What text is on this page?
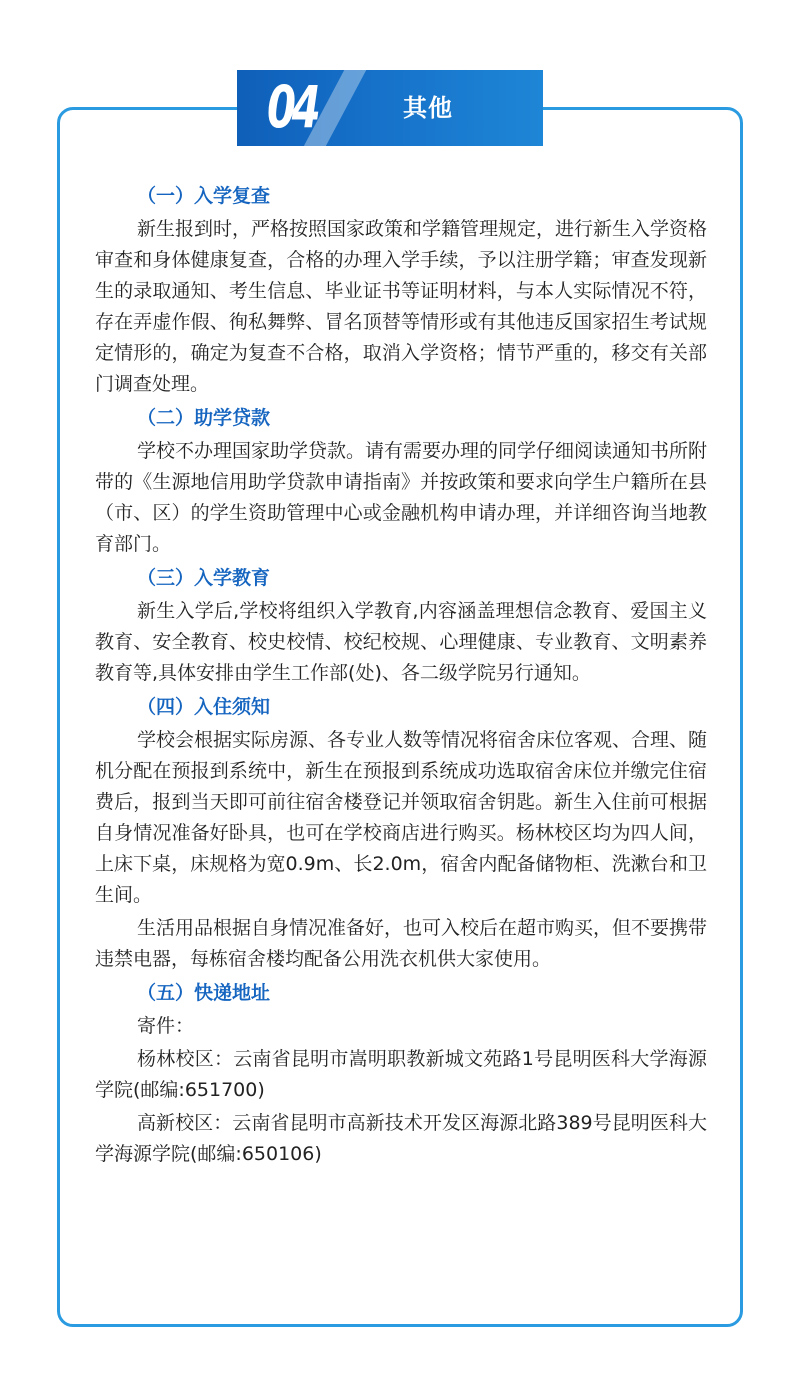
04	其他
（一）入学复查

新生报到时，严格按照国家政策和学籍管理规定，进行新生入学资格审查和身体健康复查，合格的办理入学手续，予以注册学籍；审查发现新生的录取通知、考生信息、毕业证书等证明材料，与本人实际情况不符，存在弄虚作假、徇私舞弊、冒名顶替等情形或有其他违反国家招生考试规定情形的，确定为复查不合格，取消入学资格；情节严重的，移交有关部门调查处理。

（二）助学贷款

学校不办理国家助学贷款。请有需要办理的同学仔细阅读通知书所附带的《生源地信用助学贷款申请指南》并按政策和要求向学生户籍所在县（市、区）的学生资助管理中心或金融机构申请办理，并详细咨询当地教育部门。

（三）入学教育

新生入学后,学校将组织入学教育,内容涵盖理想信念教育、爱国主义教育、安全教育、校史校情、校纪校规、心理健康、专业教育、文明素养教育等,具体安排由学生工作部(处)、各二级学院另行通知。

（四）入住须知

学校会根据实际房源、各专业人数等情况将宿舍床位客观、合理、随机分配在预报到系统中，新生在预报到系统成功选取宿舍床位并缴完住宿费后，报到当天即可前往宿舍楼登记并领取宿舍钥匙。新生入住前可根据自身情况准备好卧具，也可在学校商店进行购买。杨林校区均为四人间，上床下桌，床规格为宽0.9m、长2.0m，宿舍内配备储物柜、洗漱台和卫生间。

生活用品根据自身情况准备好，也可入校后在超市购买，但不要携带违禁电器，每栋宿舍楼均配备公用洗衣机供大家使用。

（五）快递地址

寄件：

杨林校区：云南省昆明市嵩明职教新城文苑路1号昆明医科大学海源学院(邮编:651700)

高新校区：云南省昆明市高新技术开发区海源北路389号昆明医科大学海源学院(邮编:650106)
